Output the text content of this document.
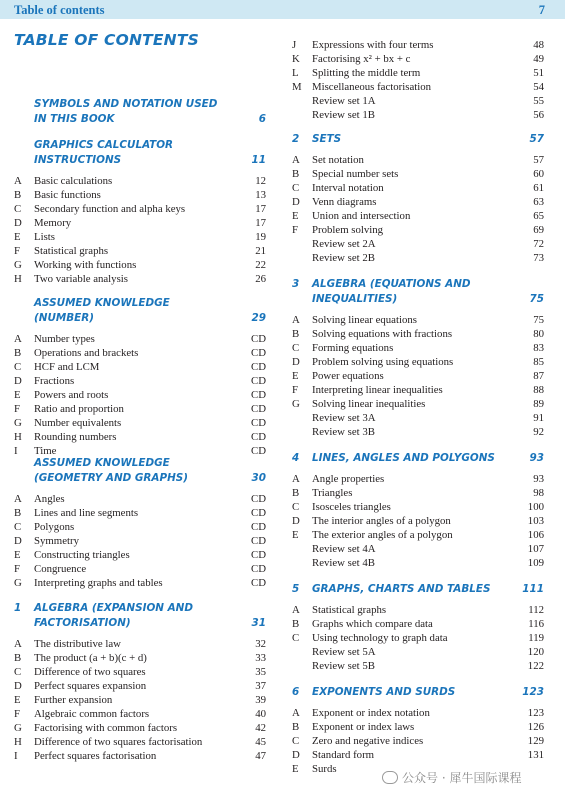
Table of contents	7
TABLE OF CONTENTS
SYMBOLS AND NOTATION USED IN THIS BOOK	6
GRAPHICS CALCULATOR INSTRUCTIONS	11
A Basic calculations	12
B Basic functions	13
C Secondary function and alpha keys	17
D Memory	17
E Lists	19
F Statistical graphs	21
G Working with functions	22
H Two variable analysis	26
ASSUMED KNOWLEDGE (NUMBER)	29
A Number types	CD
B Operations and brackets	CD
C HCF and LCM	CD
D Fractions	CD
E Powers and roots	CD
F Ratio and proportion	CD
G Number equivalents	CD
H Rounding numbers	CD
I Time	CD
ASSUMED KNOWLEDGE (GEOMETRY AND GRAPHS)	30
A Angles	CD
B Lines and line segments	CD
C Polygons	CD
D Symmetry	CD
E Constructing triangles	CD
F Congruence	CD
G Interpreting graphs and tables	CD
1 ALGEBRA (EXPANSION AND FACTORISATION)	31
A The distributive law	32
B The product (a + b)(c + d)	33
C Difference of two squares	35
D Perfect squares expansion	37
E Further expansion	39
F Algebraic common factors	40
G Factorising with common factors	42
H Difference of two squares factorisation	45
I Perfect squares factorisation	47
J Expressions with four terms	48
K Factorising x² + bx + c	49
L Splitting the middle term	51
M Miscellaneous factorisation	54
Review set 1A	55
Review set 1B	56
2 SETS	57
A Set notation	57
B Special number sets	60
C Interval notation	61
D Venn diagrams	63
E Union and intersection	65
F Problem solving	69
Review set 2A	72
Review set 2B	73
3 ALGEBRA (EQUATIONS AND INEQUALITIES)	75
A Solving linear equations	75
B Solving equations with fractions	80
C Forming equations	83
D Problem solving using equations	85
E Power equations	87
F Interpreting linear inequalities	88
G Solving linear inequalities	89
Review set 3A	91
Review set 3B	92
4 LINES, ANGLES AND POLYGONS	93
A Angle properties	93
B Triangles	98
C Isosceles triangles	100
D The interior angles of a polygon	103
E The exterior angles of a polygon	106
Review set 4A	107
Review set 4B	109
5 GRAPHS, CHARTS AND TABLES	111
A Statistical graphs	112
B Graphs which compare data	116
C Using technology to graph data	119
Review set 5A	120
Review set 5B	122
6 EXPONENTS AND SURDS	123
A Exponent or index notation	123
B Exponent or index laws	126
C Zero and negative indices	129
D Standard form	131
E Surds
公众号 · 犀牛国际课程
